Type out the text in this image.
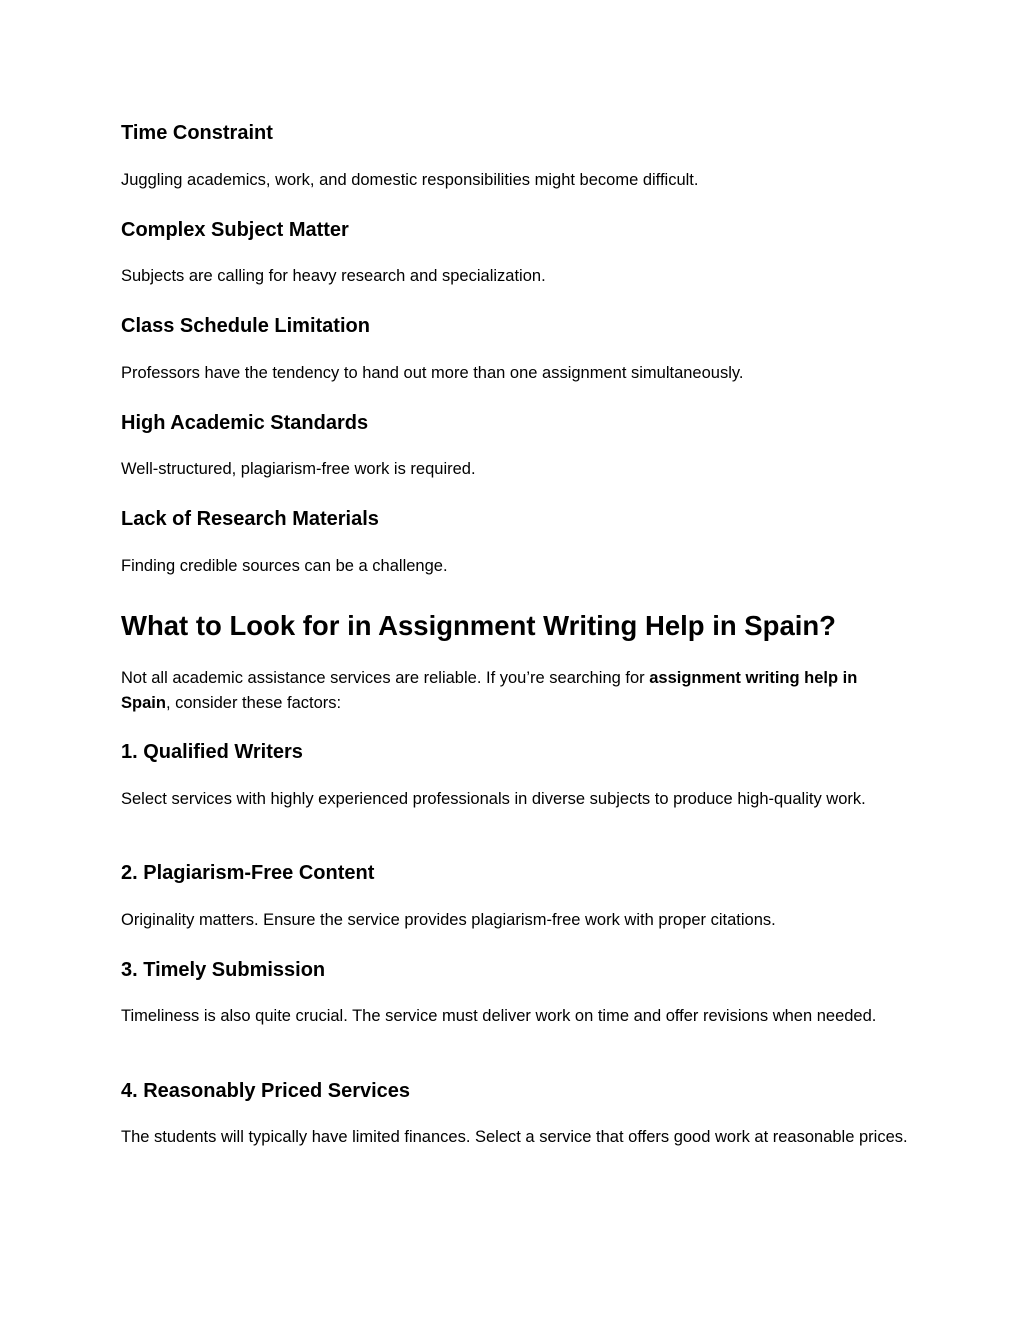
Time Constraint

Juggling academics, work, and domestic responsibilities might become difficult.

Complex Subject Matter

Subjects are calling for heavy research and specialization.

Class Schedule Limitation

Professors have the tendency to hand out more than one assignment simultaneously.

High Academic Standards

Well-structured, plagiarism-free work is required.

Lack of Research Materials

Finding credible sources can be a challenge.

What to Look for in Assignment Writing Help in Spain?

Not all academic assistance services are reliable. If you’re searching for assignment writing help in Spain, consider these factors:

1. Qualified Writers

Select services with highly experienced professionals in diverse subjects to produce high-quality work.

2. Plagiarism-Free Content

Originality matters. Ensure the service provides plagiarism-free work with proper citations.

3. Timely Submission

Timeliness is also quite crucial. The service must deliver work on time and offer revisions when needed.

4. Reasonably Priced Services

The students will typically have limited finances. Select a service that offers good work at reasonable prices.
